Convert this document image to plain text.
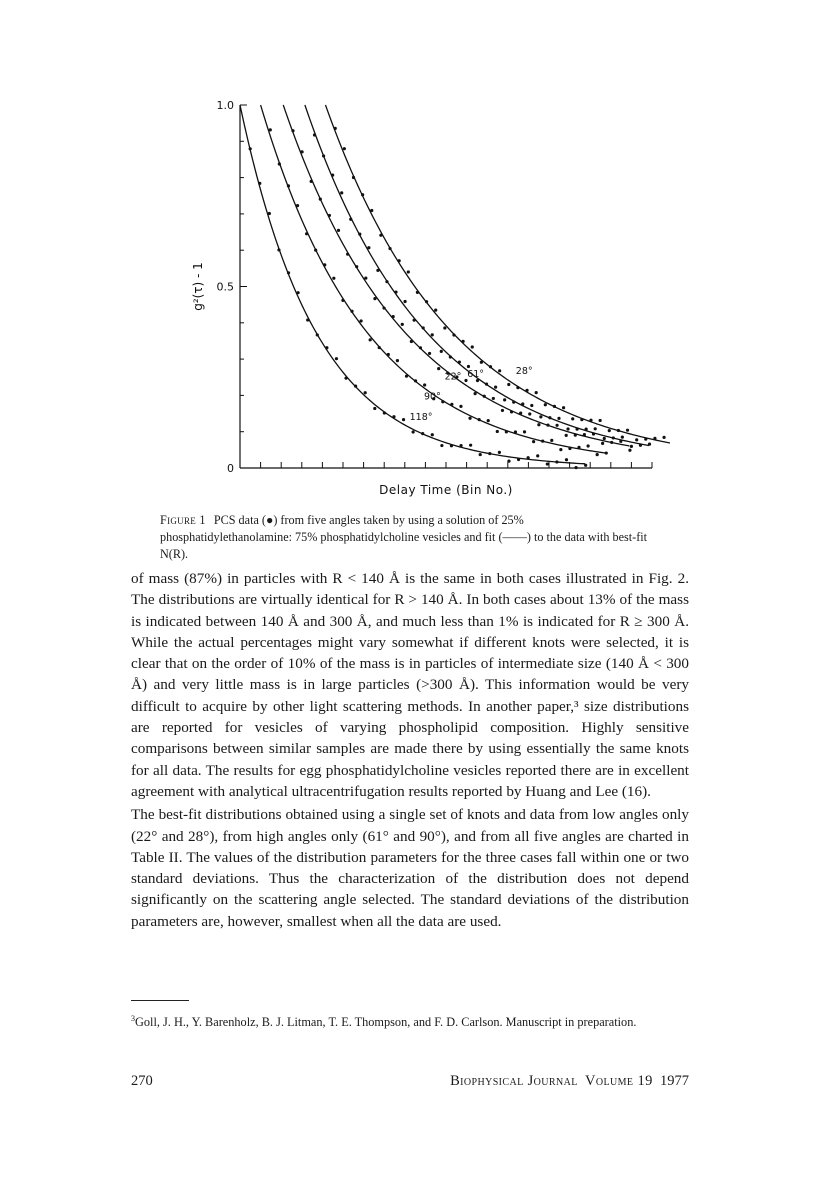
1.0
0.5
0
Delay Time (Bin No.)
g²(τ) - 1
118°
90°
22° 61°	28°
Figure 1 PCS data (●) from five angles taken by using a solution of 25% phosphatidylethanolamine: 75% phosphatidylcholine vesicles and fit (——) to the data with best-fit N(R).

of mass (87%) in particles with R < 140 Å is the same in both cases illustrated in Fig. 2. The distributions are virtually identical for R > 140 Å. In both cases about 13% of the mass is indicated between 140 Å and 300 Å, and much less than 1% is indicated for R ≥ 300 Å. While the actual percentages might vary somewhat if different knots were selected, it is clear that on the order of 10% of the mass is in particles of intermediate size (140 Å < 300 Å) and very little mass is in large particles (>300 Å). This information would be very difficult to acquire by other light scattering methods. In another paper,³ size distributions are reported for vesicles of varying phospholipid composition. Highly sensitive comparisons between similar samples are made there by using essentially the same knots for all data. The results for egg phosphatidylcholine vesicles reported there are in excellent agreement with analytical ultracentrifugation results reported by Huang and Lee (16).

The best-fit distributions obtained using a single set of knots and data from low angles only (22° and 28°), from high angles only (61° and 90°), and from all five angles are charted in Table II. The values of the distribution parameters for the three cases fall within one or two standard deviations. Thus the characterization of the distribution does not depend significantly on the scattering angle selected. The standard deviations of the distribution parameters are, however, smallest when all the data are used.

$^3$Goll, J. H., Y. Barenholz, B. J. Litman, T. E. Thompson, and F. D. Carlson. Manuscript in preparation.
270	Biophysical Journal Volume 19 1977
